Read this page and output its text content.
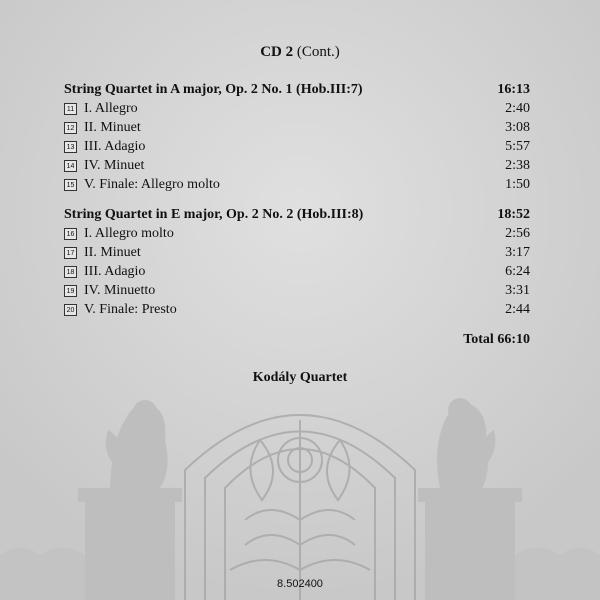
CD 2 (Cont.)
String Quartet in A major, Op. 2 No. 1 (Hob.III:7)	16:13
11 I. Allegro	2:40
12 II. Minuet	3:08
13 III. Adagio	5:57
14 IV. Minuet	2:38
15 V. Finale: Allegro molto	1:50
String Quartet in E major, Op. 2 No. 2 (Hob.III:8)	18:52
16 I. Allegro molto	2:56
17 II. Minuet	3:17
18 III. Adagio	6:24
19 IV. Minuetto	3:31
20 V. Finale: Presto	2:44
Total 66:10
Kodály Quartet
8.502400
